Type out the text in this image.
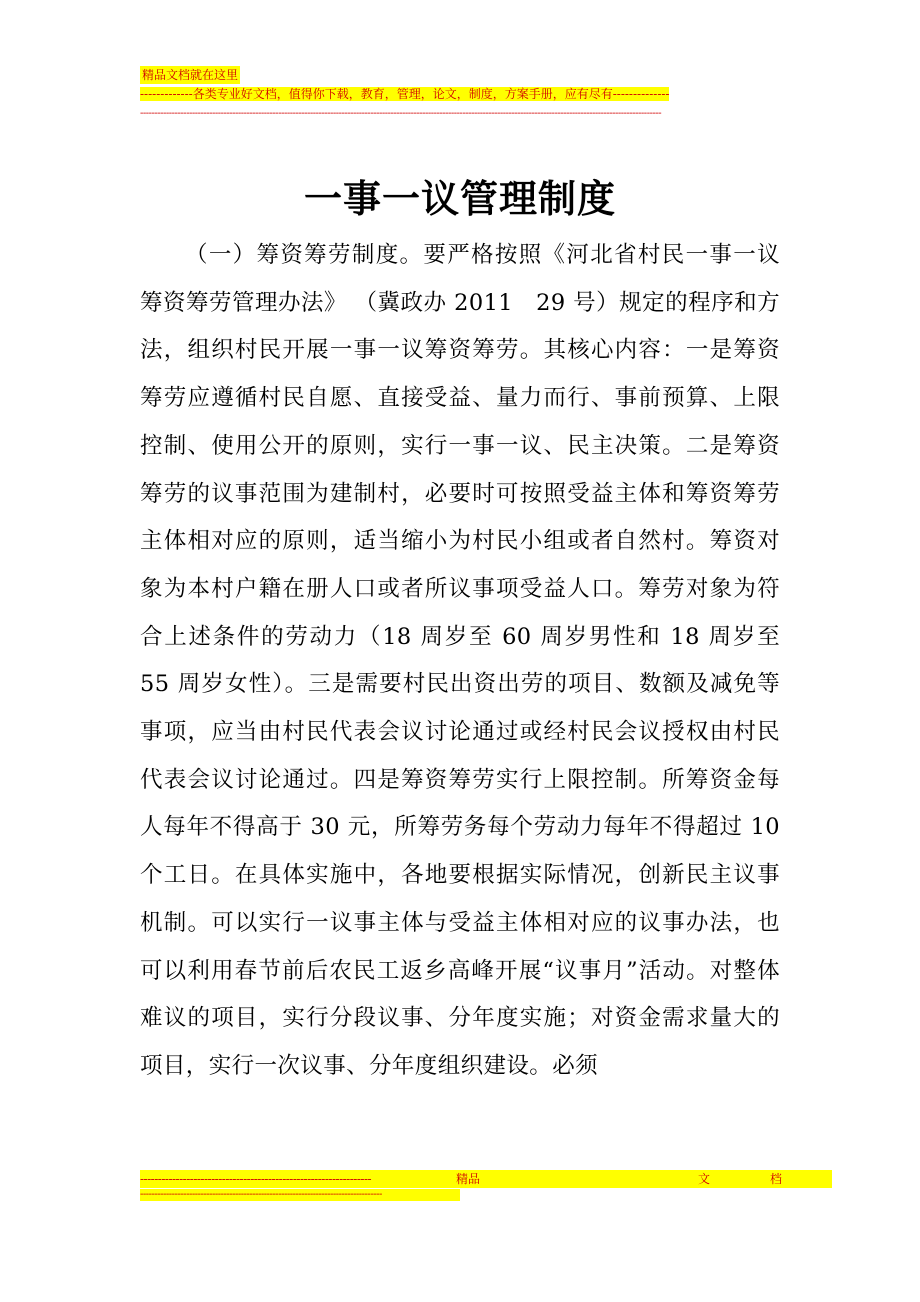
精品文档就在这里
-------------各类专业好文档，值得你下载，教育，管理，论文，制度，方案手册，应有尽有--------------
-------------------------------------------------------------------------------------------------------------------------------------------------------------------------------------
一事一议管理制度
（一）筹资筹劳制度。要严格按照《河北省村民一事一议筹资筹劳管理办法》 （冀政办 2011　29 号）规定的程序和方法，组织村民开展一事一议筹资筹劳。其核心内容：一是筹资筹劳应遵循村民自愿、直接受益、量力而行、事前预算、上限控制、使用公开的原则，实行一事一议、民主决策。二是筹资筹劳的议事范围为建制村，必要时可按照受益主体和筹资筹劳主体相对应的原则，适当缩小为村民小组或者自然村。筹资对象为本村户籍在册人口或者所议事项受益人口。筹劳对象为符合上述条件的劳动力（18 周岁至 60 周岁男性和 18 周岁至 55 周岁女性）。三是需要村民出资出劳的项目、数额及减免等事项，应当由村民代表会议讨论通过或经村民会议授权由村民代表会议讨论通过。四是筹资筹劳实行上限控制。所筹资金每人每年不得高于 30 元，所筹劳务每个劳动力每年不得超过 10 个工日。在具体实施中，各地要根据实际情况，创新民主议事机制。可以实行一议事主体与受益主体相对应的议事办法，也可以利用春节前后农民工返乡高峰开展“议事月”活动。对整体难议的项目，实行分段议事、分年度实施；对资金需求量大的项目，实行一次议事、分年度组织建设。必须
-----------------------------------------------------------------	精 品	文	档
------------------------------------------------------------------------------------
